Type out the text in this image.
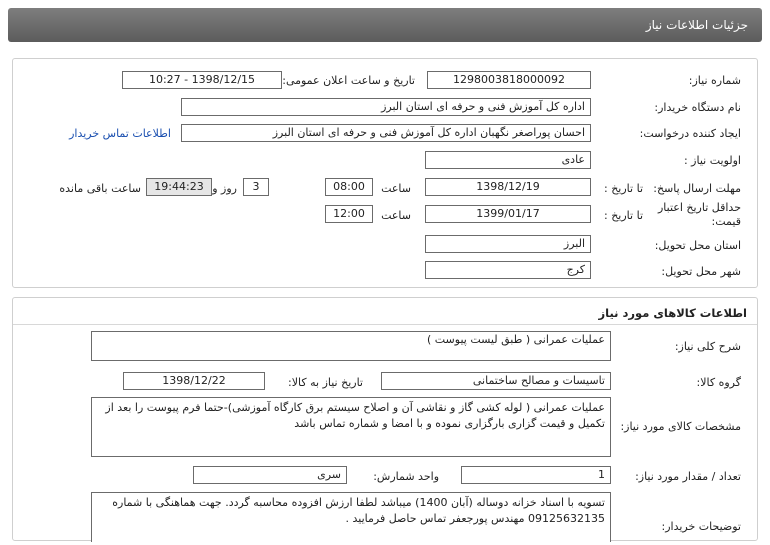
جزئیات اطلاعات نیاز
شماره نیاز:
1298003818000092
تاریخ و ساعت اعلان عمومی:
1398/12/15 - 10:27
نام دستگاه خریدار:
اداره کل آموزش فنی و حرفه ای استان البرز
ایجاد کننده درخواست:
احسان پوراصغر نگهبان اداره کل آموزش فنی و حرفه ای استان البرز
اطلاعات تماس خریدار
اولویت نیاز :
عادی
مهلت ارسال پاسخ:
تا تاریخ :
1398/12/19
ساعت
08:00
3
روز و
19:44:23
ساعت باقی مانده
حداقل تاریخ اعتبار قیمت:
تا تاریخ :
1399/01/17
ساعت
12:00
استان محل تحویل:
البرز
شهر محل تحویل:
کرج
اطلاعات کالاهای مورد نیاز
شرح کلی نیاز:
عملیات عمرانی ( طبق لیست پیوست )
گروه کالا:
تاسیسات و مصالح ساختمانی
تاریخ نیاز به کالا:
1398/12/22
مشخصات کالای مورد نیاز:
عملیات عمرانی ( لوله کشی گاز و نقاشی آن و اصلاح سیستم برق کارگاه آموزشی)-حتما فرم پیوست را بعد از تکمیل و قیمت گزاری بارگزاری نموده و با امضا و شماره تماس باشد
تعداد / مقدار مورد نیاز:
1
واحد شمارش:
سری
توضیحات خریدار:
تسویه با اسناد خزانه دوساله (آبان 1400) میباشد لطفا ارزش افزوده محاسبه گردد. جهت هماهنگی با شماره 09125632135 مهندس پورجعفر تماس حاصل فرمایید .
